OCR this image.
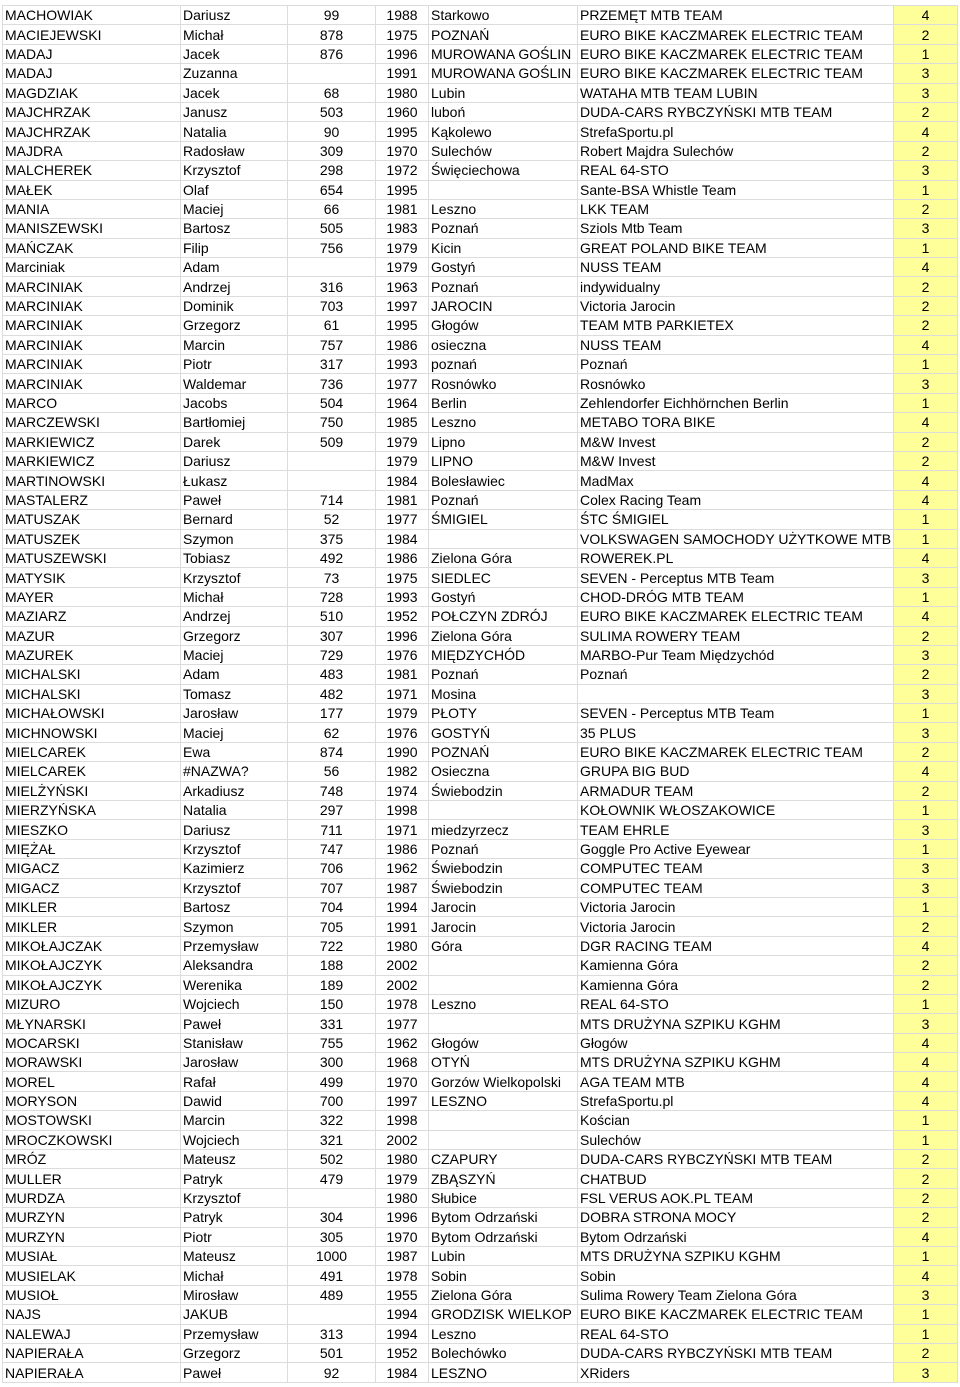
MACHOWIAK	Dariusz	99	1988	Starkowo	PRZEMĘT MTB TEAM	4
MACIEJEWSKI	Michał	878	1975	POZNAŃ	EURO BIKE KACZMAREK ELECTRIC TEAM	2
MADAJ	Jacek	876	1996	MUROWANA GOŚLIN	EURO BIKE KACZMAREK ELECTRIC TEAM	1
MADAJ	Zuzanna		1991	MUROWANA GOŚLIN	EURO BIKE KACZMAREK ELECTRIC TEAM	3
MAGDZIAK	Jacek	68	1980	Lubin	WATAHA MTB TEAM LUBIN	3
MAJCHRZAK	Janusz	503	1960	luboń	DUDA-CARS RYBCZYŃSKI MTB TEAM	2
MAJCHRZAK	Natalia	90	1995	Kąkolewo	StrefaSportu.pl	4
MAJDRA	Radosław	309	1970	Sulechów	Robert Majdra Sulechów	2
MALCHEREK	Krzysztof	298	1972	Święciechowa	REAL 64-STO	3
MAŁEK	Olaf	654	1995		Sante-BSA Whistle Team	1
MANIA	Maciej	66	1981	Leszno	LKK TEAM	2
MANISZEWSKI	Bartosz	505	1983	Poznań	Sziols Mtb Team	3
MAŃCZAK	Filip	756	1979	Kicin	GREAT POLAND BIKE TEAM	1
Marciniak	Adam		1979	Gostyń	NUSS TEAM	4
MARCINIAK	Andrzej	316	1963	Poznań	indywidualny	2
MARCINIAK	Dominik	703	1997	JAROCIN	Victoria Jarocin	2
MARCINIAK	Grzegorz	61	1995	Głogów	TEAM MTB PARKIETEX	2
MARCINIAK	Marcin	757	1986	osieczna	NUSS TEAM	4
MARCINIAK	Piotr	317	1993	poznań	Poznań	1
MARCINIAK	Waldemar	736	1977	Rosnówko	Rosnówko	3
MARCO	Jacobs	504	1964	Berlin	Zehlendorfer Eichhörnchen Berlin	1
MARCZEWSKI	Bartłomiej	750	1985	Leszno	METABO TORA BIKE	4
MARKIEWICZ	Darek	509	1979	Lipno	M&W Invest	2
MARKIEWICZ	Dariusz		1979	LIPNO	M&W Invest	2
MARTINOWSKI	Łukasz		1984	Bolesławiec	MadMax	4
MASTALERZ	Paweł	714	1981	Poznań	Colex Racing Team	4
MATUSZAK	Bernard	52	1977	ŚMIGIEL	ŚTC ŚMIGIEL	1
MATUSZEK	Szymon	375	1984		VOLKSWAGEN SAMOCHODY UŻYTKOWE MTB	1
MATUSZEWSKI	Tobiasz	492	1986	Zielona Góra	ROWEREK.PL	4
MATYSIK	Krzysztof	73	1975	SIEDLEC	SEVEN - Perceptus MTB Team	3
MAYER	Michał	728	1993	Gostyń	CHOD-DRÓG MTB TEAM	1
MAZIARZ	Andrzej	510	1952	POŁCZYN ZDRÓJ	EURO BIKE KACZMAREK ELECTRIC TEAM	4
MAZUR	Grzegorz	307	1996	Zielona Góra	SULIMA ROWERY TEAM	2
MAZUREK	Maciej	729	1976	MIĘDZYCHÓD	MARBO-Pur Team Międzychód	3
MICHALSKI	Adam	483	1981	Poznań	Poznań	2
MICHALSKI	Tomasz	482	1971	Mosina		3
MICHAŁOWSKI	Jarosław	177	1979	PŁOTY	SEVEN - Perceptus MTB Team	1
MICHNOWSKI	Maciej	62	1976	GOSTYŃ	35 PLUS	3
MIELCAREK	Ewa	874	1990	POZNAŃ	EURO BIKE KACZMAREK ELECTRIC TEAM	2
MIELCAREK	#NAZWA?	56	1982	Osieczna	GRUPA BIG BUD	4
MIELŻYŃSKI	Arkadiusz	748	1974	Świebodzin	ARMADUR TEAM	2
MIERZYŃSKA	Natalia	297	1998		KOŁOWNIK WŁOSZAKOWICE	1
MIESZKO	Dariusz	711	1971	miedzyrzecz	TEAM EHRLE	3
MIĘŻAŁ	Krzysztof	747	1986	Poznań	Goggle Pro Active Eyewear	1
MIGACZ	Kazimierz	706	1962	Świebodzin	COMPUTEC TEAM	3
MIGACZ	Krzysztof	707	1987	Świebodzin	COMPUTEC TEAM	3
MIKLER	Bartosz	704	1994	Jarocin	Victoria Jarocin	1
MIKLER	Szymon	705	1991	Jarocin	Victoria Jarocin	2
MIKOŁAJCZAK	Przemysław	722	1980	Góra	DGR RACING TEAM	4
MIKOŁAJCZYK	Aleksandra	188	2002		Kamienna Góra	2
MIKOŁAJCZYK	Werenika	189	2002		Kamienna Góra	2
MIZURO	Wojciech	150	1978	Leszno	REAL 64-STO	1
MŁYNARSKI	Paweł	331	1977		MTS DRUŻYNA SZPIKU KGHM	3
MOCARSKI	Stanisław	755	1962	Głogów	Głogów	4
MORAWSKI	Jarosław	300	1968	OTYŃ	MTS DRUŻYNA SZPIKU KGHM	4
MOREL	Rafał	499	1970	Gorzów Wielkopolski	AGA TEAM MTB	4
MORYSON	Dawid	700	1997	LESZNO	StrefaSportu.pl	4
MOSTOWSKI	Marcin	322	1998		Kościan	1
MROCZKOWSKI	Wojciech	321	2002		Sulechów	1
MRÓZ	Mateusz	502	1980	CZAPURY	DUDA-CARS RYBCZYŃSKI MTB TEAM	2
MULLER	Patryk	479	1979	ZBĄSZYŃ	CHATBUD	2
MURDZA	Krzysztof		1980	Słubice	FSL VERUS AOK.PL TEAM	2
MURZYN	Patryk	304	1996	Bytom Odrzański	DOBRA STRONA MOCY	2
MURZYN	Piotr	305	1970	Bytom Odrzański	Bytom Odrzański	4
MUSIAŁ	Mateusz	1000	1987	Lubin	MTS DRUŻYNA SZPIKU KGHM	1
MUSIELAK	Michał	491	1978	Sobin	Sobin	4
MUSIOŁ	Mirosław	489	1955	Zielona Góra	Sulima Rowery Team Zielona Góra	3
NAJS	JAKUB		1994	GRODZISK WIELKOP	EURO BIKE KACZMAREK ELECTRIC TEAM	1
NALEWAJ	Przemysław	313	1994	Leszno	REAL 64-STO	1
NAPIERAŁA	Grzegorz	501	1952	Bolechówko	DUDA-CARS RYBCZYŃSKI MTB TEAM	2
NAPIERAŁA	Paweł	92	1984	LESZNO	XRiders	3
